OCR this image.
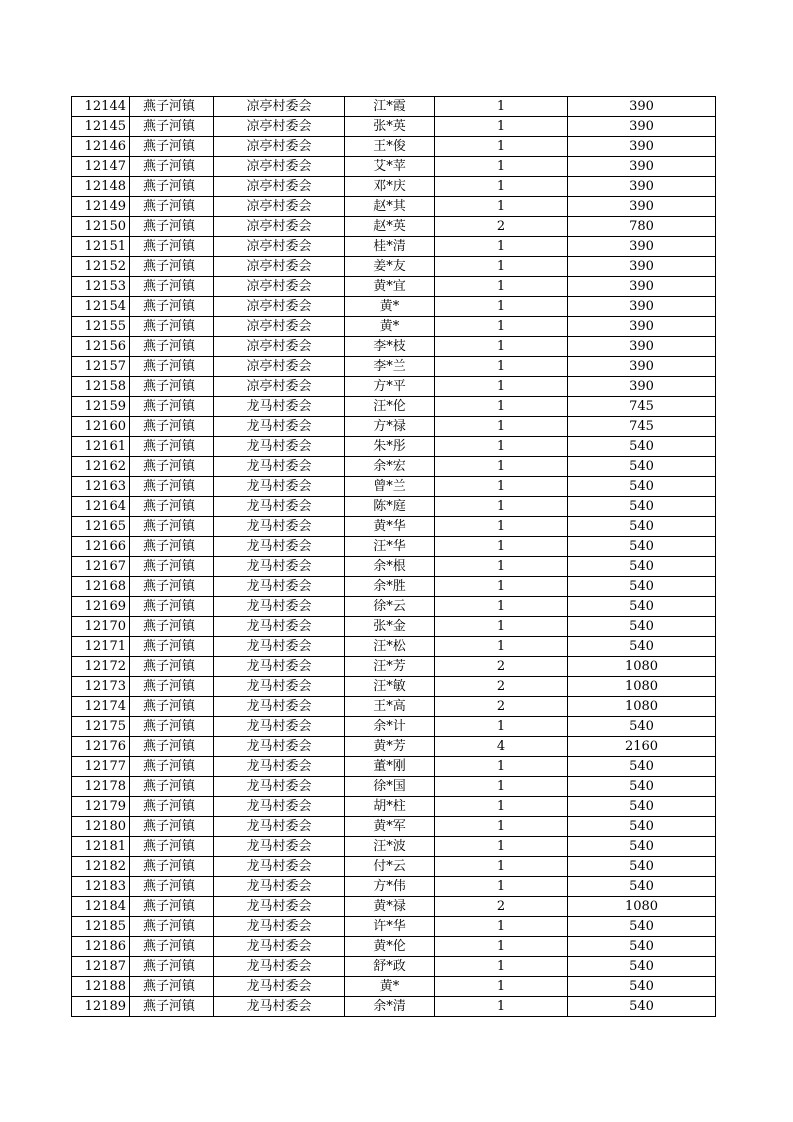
12144	燕子河镇	凉亭村委会	江*霞	1	390
12145	燕子河镇	凉亭村委会	张*英	1	390
12146	燕子河镇	凉亭村委会	王*俊	1	390
12147	燕子河镇	凉亭村委会	艾*苹	1	390
12148	燕子河镇	凉亭村委会	邓*庆	1	390
12149	燕子河镇	凉亭村委会	赵*其	1	390
12150	燕子河镇	凉亭村委会	赵*英	2	780
12151	燕子河镇	凉亭村委会	桂*清	1	390
12152	燕子河镇	凉亭村委会	姜*友	1	390
12153	燕子河镇	凉亭村委会	黄*宜	1	390
12154	燕子河镇	凉亭村委会	黄*	1	390
12155	燕子河镇	凉亭村委会	黄*	1	390
12156	燕子河镇	凉亭村委会	李*枝	1	390
12157	燕子河镇	凉亭村委会	李*兰	1	390
12158	燕子河镇	凉亭村委会	方*平	1	390
12159	燕子河镇	龙马村委会	汪*伦	1	745
12160	燕子河镇	龙马村委会	方*禄	1	745
12161	燕子河镇	龙马村委会	朱*彤	1	540
12162	燕子河镇	龙马村委会	余*宏	1	540
12163	燕子河镇	龙马村委会	曾*兰	1	540
12164	燕子河镇	龙马村委会	陈*庭	1	540
12165	燕子河镇	龙马村委会	黄*华	1	540
12166	燕子河镇	龙马村委会	汪*华	1	540
12167	燕子河镇	龙马村委会	余*根	1	540
12168	燕子河镇	龙马村委会	余*胜	1	540
12169	燕子河镇	龙马村委会	徐*云	1	540
12170	燕子河镇	龙马村委会	张*金	1	540
12171	燕子河镇	龙马村委会	汪*松	1	540
12172	燕子河镇	龙马村委会	汪*芳	2	1080
12173	燕子河镇	龙马村委会	汪*敏	2	1080
12174	燕子河镇	龙马村委会	王*高	2	1080
12175	燕子河镇	龙马村委会	余*计	1	540
12176	燕子河镇	龙马村委会	黄*芳	4	2160
12177	燕子河镇	龙马村委会	董*刚	1	540
12178	燕子河镇	龙马村委会	徐*国	1	540
12179	燕子河镇	龙马村委会	胡*柱	1	540
12180	燕子河镇	龙马村委会	黄*军	1	540
12181	燕子河镇	龙马村委会	汪*波	1	540
12182	燕子河镇	龙马村委会	付*云	1	540
12183	燕子河镇	龙马村委会	方*伟	1	540
12184	燕子河镇	龙马村委会	黄*禄	2	1080
12185	燕子河镇	龙马村委会	许*华	1	540
12186	燕子河镇	龙马村委会	黄*伦	1	540
12187	燕子河镇	龙马村委会	舒*政	1	540
12188	燕子河镇	龙马村委会	黄*	1	540
12189	燕子河镇	龙马村委会	余*清	1	540
